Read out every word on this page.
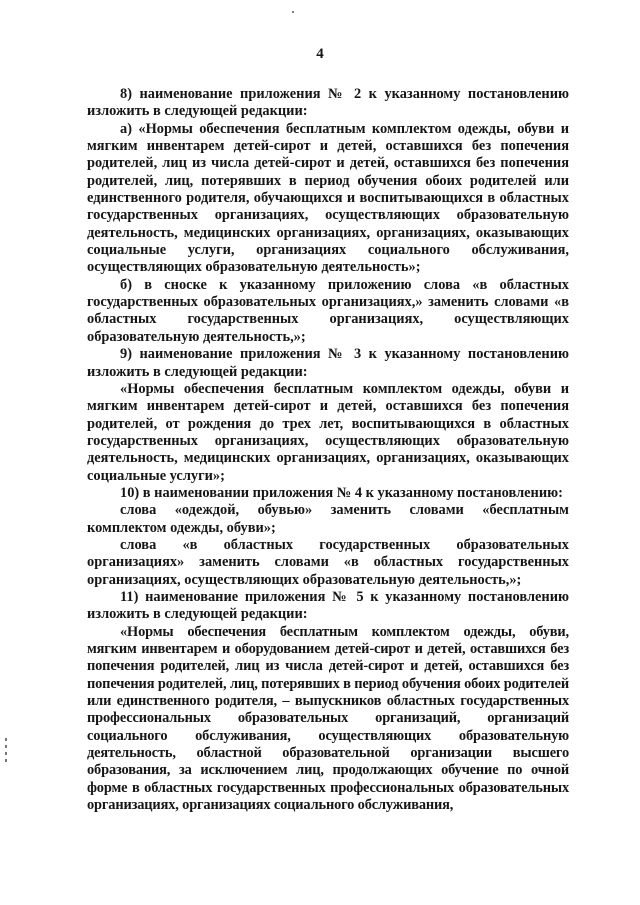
4

8) наименование приложения № 2 к указанному постановлению изложить в следующей редакции:

а) «Нормы обеспечения бесплатным комплектом одежды, обуви и мягким инвентарем детей-сирот и детей, оставшихся без попечения родителей, лиц из числа детей-сирот и детей, оставшихся без попечения родителей, лиц, потерявших в период обучения обоих родителей или единственного родителя, обучающихся и воспитывающихся в областных государственных организациях, осуществляющих образовательную деятельность, медицинских организациях, организациях, оказывающих социальные услуги, организациях социального обслуживания, осуществляющих образовательную деятельность»;

б) в сноске к указанному приложению слова «в областных государственных образовательных организациях,» заменить словами «в областных государственных организациях, осуществляющих образовательную деятельность,»;

9) наименование приложения № 3 к указанному постановлению изложить в следующей редакции:

«Нормы обеспечения бесплатным комплектом одежды, обуви и мягким инвентарем детей-сирот и детей, оставшихся без попечения родителей, от рождения до трех лет, воспитывающихся в областных государственных организациях, осуществляющих образовательную деятельность, медицинских организациях, организациях, оказывающих социальные услуги»;

10) в наименовании приложения № 4 к указанному постановлению:

слова «одеждой, обувью» заменить словами «бесплатным комплектом одежды, обуви»;

слова «в областных государственных образовательных организациях» заменить словами «в областных государственных организациях, осуществляющих образовательную деятельность,»;

11) наименование приложения № 5 к указанному постановлению изложить в следующей редакции:

«Нормы обеспечения бесплатным комплектом одежды, обуви, мягким инвентарем и оборудованием детей-сирот и детей, оставшихся без попечения родителей, лиц из числа детей-сирот и детей, оставшихся без попечения родителей, лиц, потерявших в период обучения обоих родителей или единственного родителя, – выпускников областных государственных профессиональных образовательных организаций, организаций социального обслуживания, осуществляющих образовательную деятельность, областной образовательной организации высшего образования, за исключением лиц, продолжающих обучение по очной форме в областных государственных профессиональных образовательных организациях, организациях социального обслуживания,
